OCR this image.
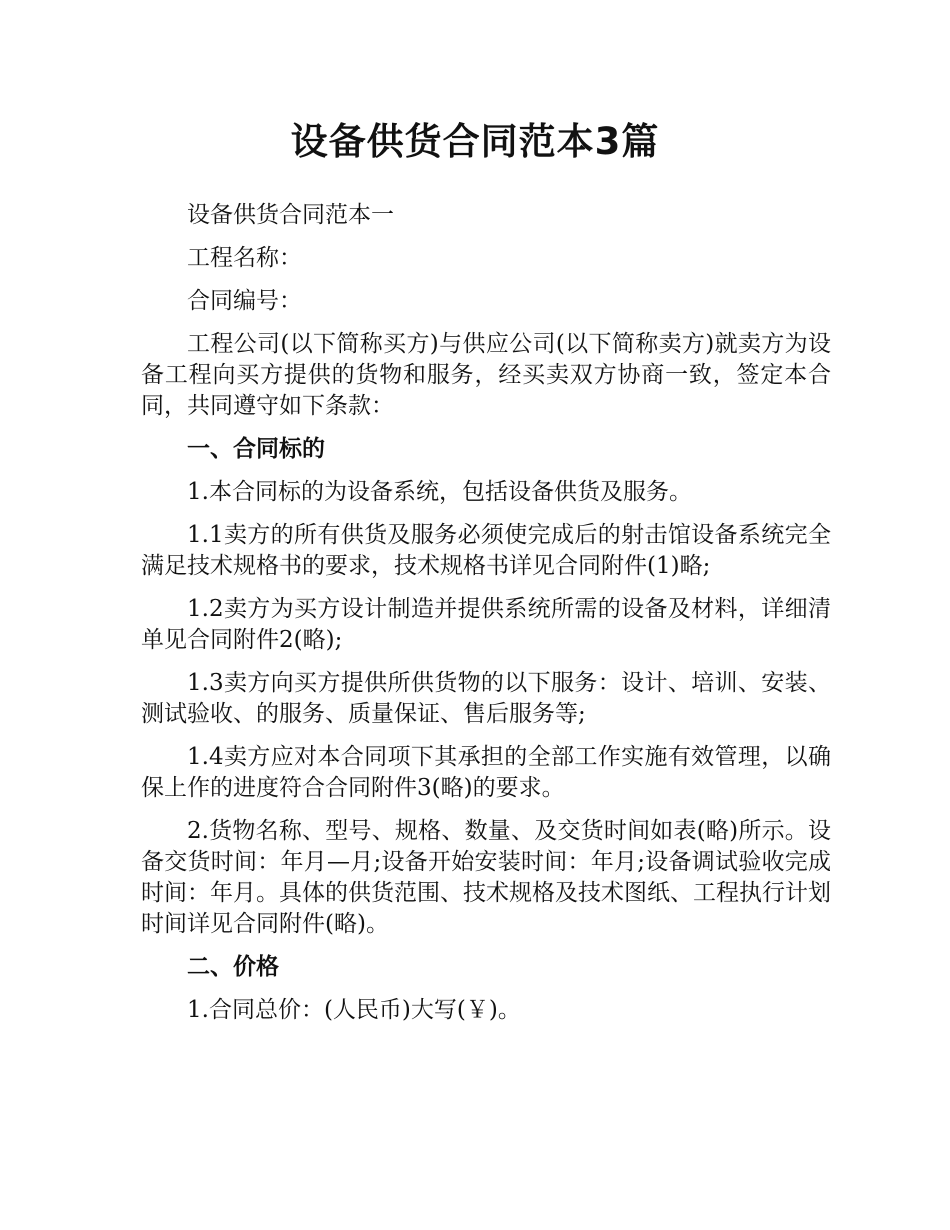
设备供货合同范本3篇

设备供货合同范本一

工程名称：

合同编号：

工程公司(以下简称买方)与供应公司(以下简称卖方)就卖方为设备工程向买方提供的货物和服务，经买卖双方协商一致，签定本合同，共同遵守如下条款：

一、合同标的

1.本合同标的为设备系统，包括设备供货及服务。

1.1卖方的所有供货及服务必须使完成后的射击馆设备系统完全满足技术规格书的要求，技术规格书详见合同附件(1)略;

1.2卖方为买方设计制造并提供系统所需的设备及材料，详细清单见合同附件2(略);

1.3卖方向买方提供所供货物的以下服务：设计、培训、安装、测试验收、的服务、质量保证、售后服务等;

1.4卖方应对本合同项下其承担的全部工作实施有效管理，以确保上作的进度符合合同附件3(略)的要求。

2.货物名称、型号、规格、数量、及交货时间如表(略)所示。设备交货时间：年月—月;设备开始安装时间：年月;设备调试验收完成时间：年月。具体的供货范围、技术规格及技术图纸、工程执行计划时间详见合同附件(略)。

二、价格

1.合同总价：(人民币)大写(￥)。
